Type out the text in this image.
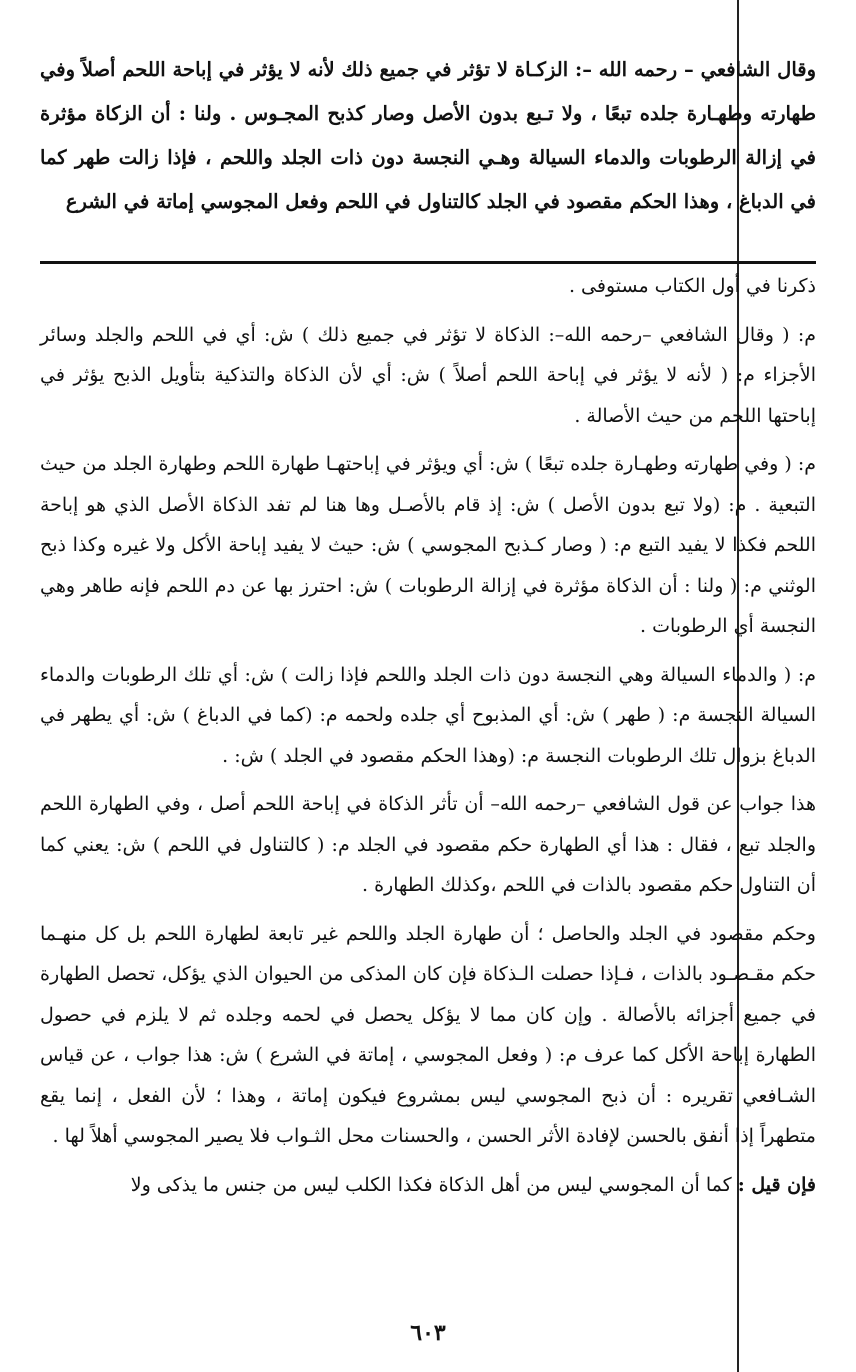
وقال الشافعي – رحمه الله –: الزكـاة لا تؤثر في جميع ذلك لأنه لا يؤثر في إباحة اللحم أصلاً وفي طهارته وطهـارة جلده تبعًا ، ولا تـبع بدون الأصل وصار كذبح المجـوس . ولنا : أن الزكاة مؤثرة في إزالة الرطوبات والدماء السيالة وهـي النجسة دون ذات الجلد واللحم ، فإذا زالت طهر كما في الدباغ ، وهذا الحكم مقصود في الجلد كالتناول في اللحم وفعل المجوسي إماتة في الشرع

ذكرنا في أول الكتاب مستوفى .

م: ( وقال الشافعي –رحمه الله–: الذكاة لا تؤثر في جميع ذلك ) ش: أي في اللحم والجلد وسائر الأجزاء م: ( لأنه لا يؤثر في إباحة اللحم أصلاً ) ش: أي لأن الذكاة والتذكية بتأويل الذبح يؤثر في إباحتها اللحم من حيث الأصالة .

م: ( وفي طهارته وطهـارة جلده تبعًا ) ش: أي ويؤثر في إباحتهـا طهارة اللحم وطهارة الجلد من حيث التبعية . م: (ولا تبع بدون الأصل ) ش: إذ قام بالأصـل وها هنا لم تفد الذكاة الأصل الذي هو إباحة اللحم فكذا لا يفيد التبع م: ( وصار كـذبح المجوسي ) ش: حيث لا يفيد إباحة الأكل ولا غيره وكذا ذبح الوثني م: ( ولنا : أن الذكاة مؤثرة في إزالة الرطوبات ) ش: احترز بها عن دم اللحم فإنه طاهر وهي النجسة أي الرطوبات .

م: ( والدماء السيالة وهي النجسة دون ذات الجلد واللحم فإذا زالت ) ش: أي تلك الرطوبات والدماء السيالة النجسة م: ( طهر ) ش: أي المذبوح أي جلده ولحمه م: (كما في الدباغ ) ش: أي يطهر في الدباغ بزوال تلك الرطوبات النجسة م: (وهذا الحكم مقصود في الجلد ) ش: .

هذا جواب عن قول الشافعي –رحمه الله– أن تأثر الذكاة في إباحة اللحم أصل ، وفي الطهارة اللحم والجلد تبع ، فقال : هذا أي الطهارة حكم مقصود في الجلد م: ( كالتناول في اللحم ) ش: يعني كما أن التناول حكم مقصود بالذات في اللحم ،وكذلك الطهارة .

وحكم مقصود في الجلد والحاصل ؛ أن طهارة الجلد واللحم غير تابعة لطهارة اللحم بل كل منهـما حكم مقـصـود بالذات ، فـإذا حصلت الـذكاة فإن كان المذكى من الحيوان الذي يؤكل، تحصل الطهارة في جميع أجزائه بالأصالة . وإن كان مما لا يؤكل يحصل في لحمه وجلده ثم لا يلزم في حصول الطهارة إباحة الأكل كما عرف م: ( وفعل المجوسي ، إماتة في الشرع ) ش: هذا جواب ، عن قياس الشـافعي تقريره : أن ذبح المجوسي ليس بمشروع فيكون إماتة ، وهذا ؛ لأن الفعل ، إنما يقع متطهراً إذا أنفق بالحسن لإفادة الأثر الحسن ، والحسنات محل الثـواب فلا يصير المجوسي أهلاً لها .

فإن قيل : كما أن المجوسي ليس من أهل الذكاة فكذا الكلب ليس من جنس ما يذكى ولا

٦٠٣
